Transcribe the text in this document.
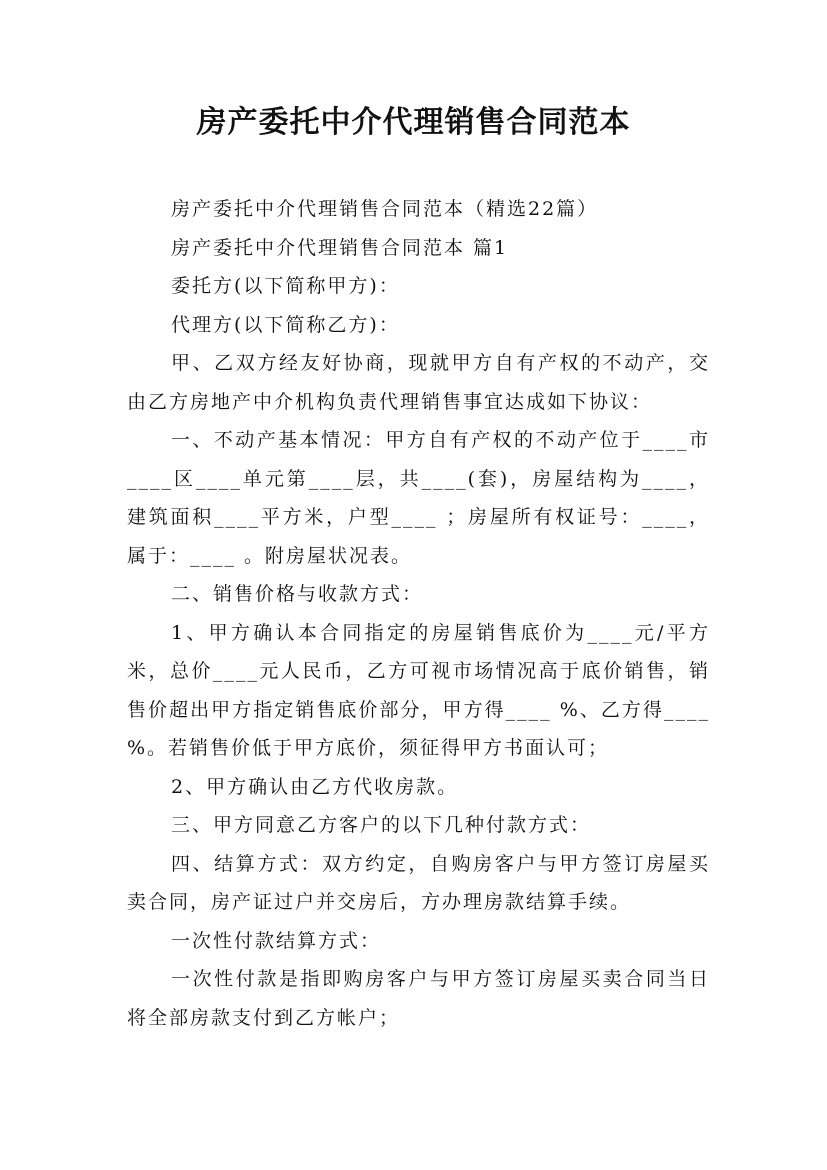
房产委托中介代理销售合同范本

房产委托中介代理销售合同范本（精选22篇）

房产委托中介代理销售合同范本 篇1

委托方(以下简称甲方)：

代理方(以下简称乙方)：

甲、乙双方经友好协商，现就甲方自有产权的不动产，交由乙方房地产中介机构负责代理销售事宜达成如下协议：

一、不动产基本情况：甲方自有产权的不动产位于____市____区____单元第____层，共____(套)，房屋结构为____，建筑面积____平方米，户型____ ；房屋所有权证号：____，属于：____ 。附房屋状况表。

二、销售价格与收款方式：

1、甲方确认本合同指定的房屋销售底价为____元/平方米，总价____元人民币，乙方可视市场情况高于底价销售，销售价超出甲方指定销售底价部分，甲方得____ %、乙方得____ %。若销售价低于甲方底价，须征得甲方书面认可；

2、甲方确认由乙方代收房款。

三、甲方同意乙方客户的以下几种付款方式：

四、结算方式：双方约定，自购房客户与甲方签订房屋买卖合同，房产证过户并交房后，方办理房款结算手续。

一次性付款结算方式：

一次性付款是指即购房客户与甲方签订房屋买卖合同当日将全部房款支付到乙方帐户；
